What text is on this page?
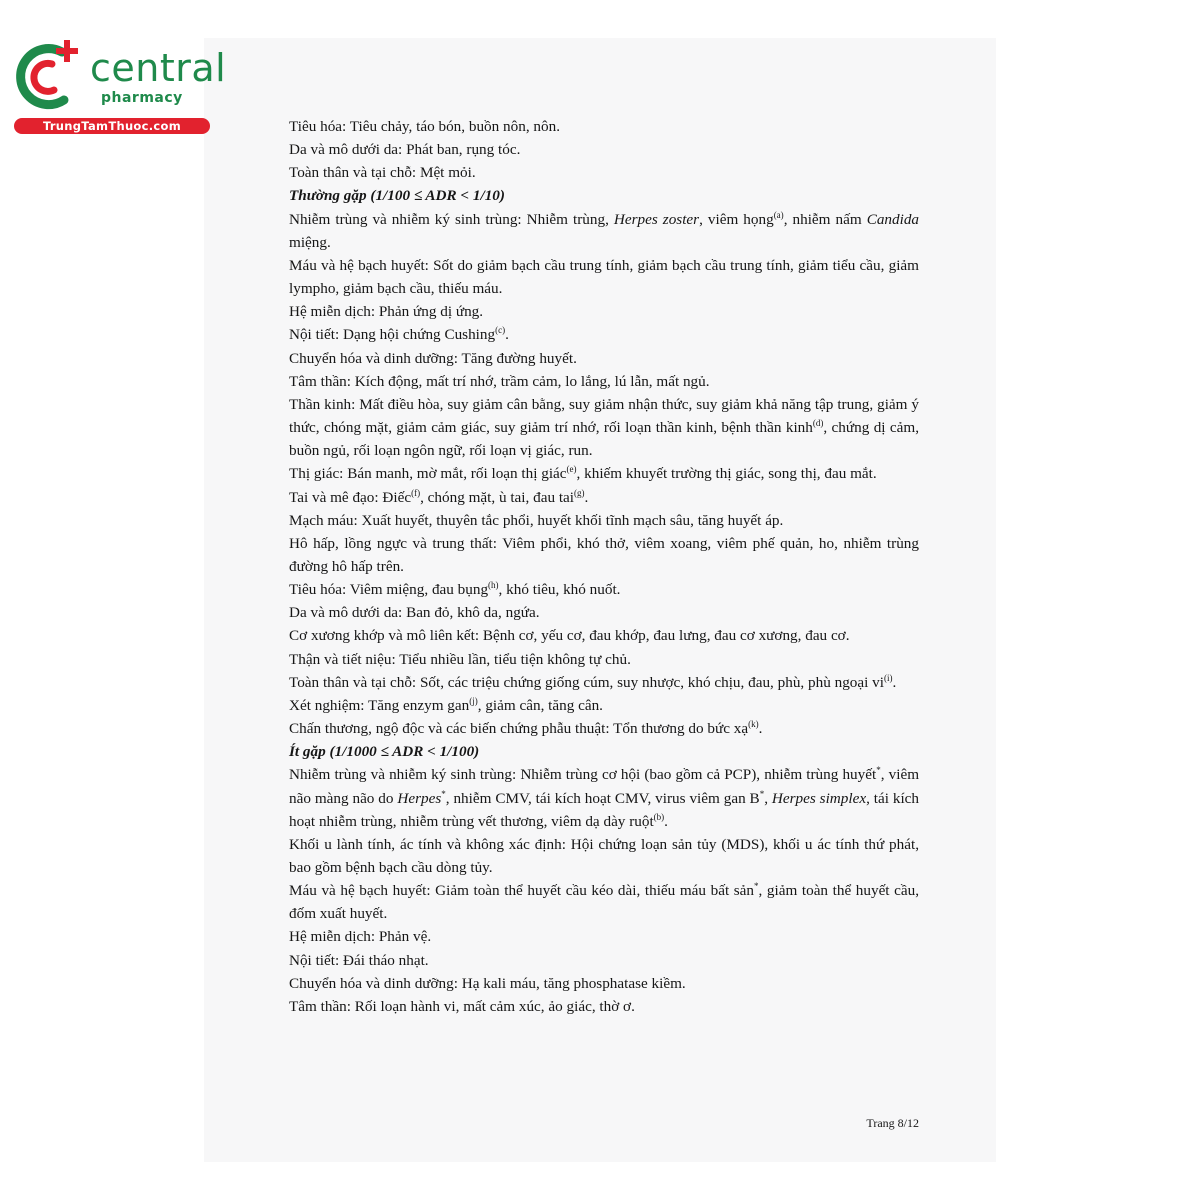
central
pharmacy
TrungTamThuoc.com	Tiêu hóa: Tiêu chảy, táo bón, buồn nôn, nôn.

Da và mô dưới da: Phát ban, rụng tóc.

Toàn thân và tại chỗ: Mệt mỏi.

Thường gặp (1/100 ≤ ADR < 1/10)

Nhiễm trùng và nhiễm ký sinh trùng: Nhiễm trùng, Herpes zoster, viêm họng$^{(a)}$, nhiễm nấm Candida miệng.

Máu và hệ bạch huyết: Sốt do giảm bạch cầu trung tính, giảm bạch cầu trung tính, giảm tiểu cầu, giảm lympho, giảm bạch cầu, thiếu máu.

Hệ miễn dịch: Phản ứng dị ứng.

Nội tiết: Dạng hội chứng Cushing$^{(c)}$.

Chuyển hóa và dinh dưỡng: Tăng đường huyết.

Tâm thần: Kích động, mất trí nhớ, trầm cảm, lo lắng, lú lẫn, mất ngủ.

Thần kinh: Mất điều hòa, suy giảm cân bằng, suy giảm nhận thức, suy giảm khả năng tập trung, giảm ý thức, chóng mặt, giảm cảm giác, suy giảm trí nhớ, rối loạn thần kinh, bệnh thần kinh$^{(d)}$, chứng dị cảm, buồn ngủ, rối loạn ngôn ngữ, rối loạn vị giác, run.

Thị giác: Bán manh, mờ mắt, rối loạn thị giác$^{(e)}$, khiếm khuyết trường thị giác, song thị, đau mắt.

Tai và mê đạo: Điếc$^{(f)}$, chóng mặt, ù tai, đau tai$^{(g)}$.

Mạch máu: Xuất huyết, thuyên tắc phổi, huyết khối tĩnh mạch sâu, tăng huyết áp.

Hô hấp, lồng ngực và trung thất: Viêm phổi, khó thở, viêm xoang, viêm phế quản, ho, nhiễm trùng đường hô hấp trên.

Tiêu hóa: Viêm miệng, đau bụng$^{(h)}$, khó tiêu, khó nuốt.

Da và mô dưới da: Ban đỏ, khô da, ngứa.

Cơ xương khớp và mô liên kết: Bệnh cơ, yếu cơ, đau khớp, đau lưng, đau cơ xương, đau cơ.

Thận và tiết niệu: Tiểu nhiều lần, tiểu tiện không tự chủ.

Toàn thân và tại chỗ: Sốt, các triệu chứng giống cúm, suy nhược, khó chịu, đau, phù, phù ngoại $vi^{(i)}$.

Xét nghiệm: Tăng enzym gan$^{(j)}$, giảm cân, tăng cân.

Chấn thương, ngộ độc và các biến chứng phẫu thuật: Tổn thương do bức xạ$^{(k)}$.

Ít gặp (1/1000 ≤ ADR < 1/100)

Nhiễm trùng và nhiễm ký sinh trùng: Nhiễm trùng cơ hội (bao gồm cả PCP), nhiễm trùng huyết*, viêm não màng não do Herpes*, nhiễm CMV, tái kích hoạt CMV, virus viêm gan B*, Herpes simplex, tái kích hoạt nhiễm trùng, nhiễm trùng vết thương, viêm dạ dày ruột$^{(b)}$.

Khối u lành tính, ác tính và không xác định: Hội chứng loạn sản tủy (MDS), khối u ác tính thứ phát, bao gồm bệnh bạch cầu dòng tủy.

Máu và hệ bạch huyết: Giảm toàn thể huyết cầu kéo dài, thiếu máu bất sản*, giảm toàn thể huyết cầu, đốm xuất huyết.

Hệ miễn dịch: Phản vệ.

Nội tiết: Đái tháo nhạt.

Chuyển hóa và dinh dưỡng: Hạ kali máu, tăng phosphatase kiềm.

Tâm thần: Rối loạn hành vi, mất cảm xúc, ảo giác, thờ ơ.

Trang 8/12
